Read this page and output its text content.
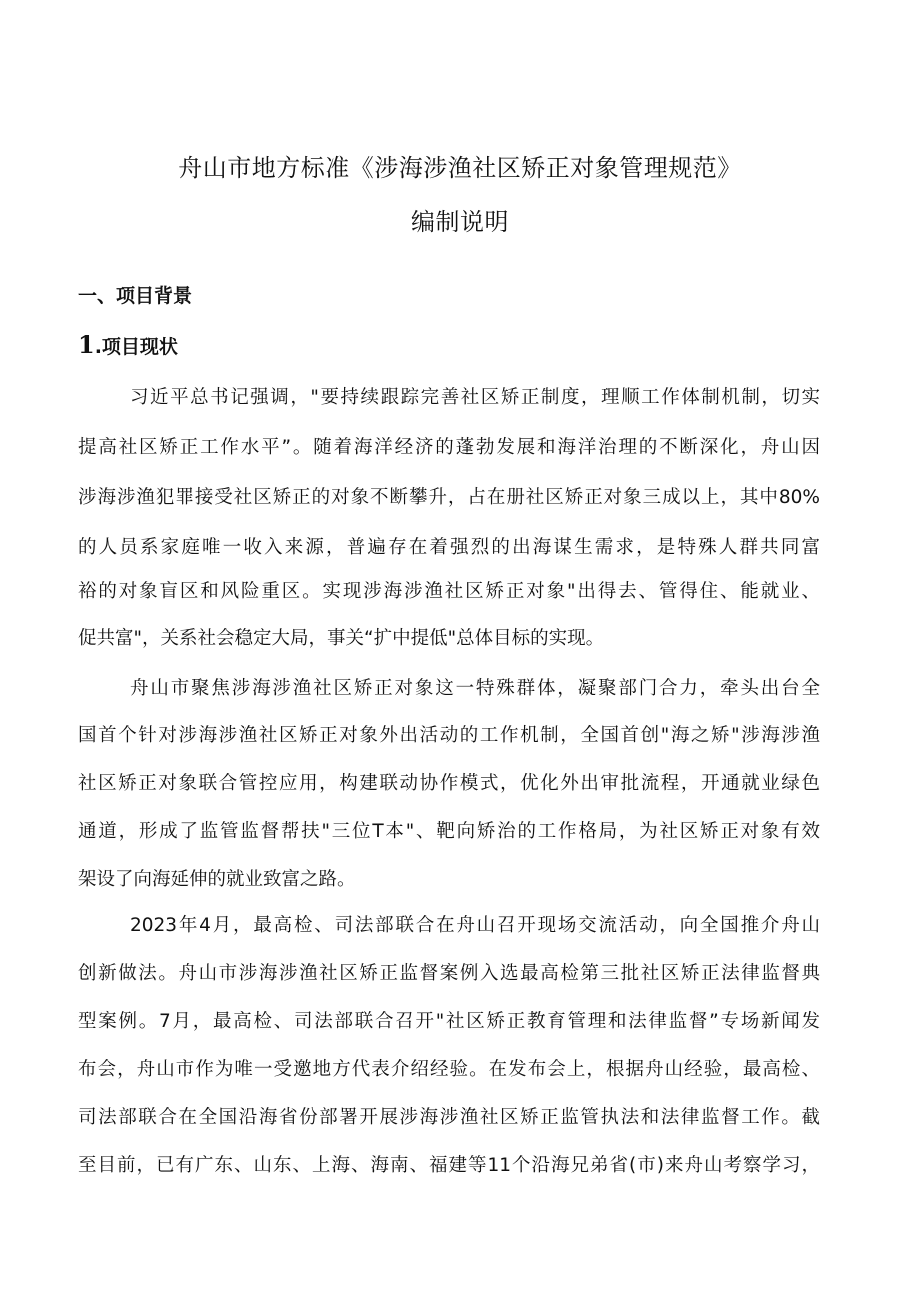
舟山市地方标准《涉海涉渔社区矫正对象管理规范》
编制说明
一、项目背景
1.项目现状
习近平总书记强调，"要持续跟踪完善社区矫正制度，理顺工作体制机制，切实
提高社区矫正工作水平”。随着海洋经济的蓬勃发展和海洋治理的不断深化，舟山因
涉海涉渔犯罪接受社区矫正的对象不断攀升，占在册社区矫正对象三成以上，其中80%
的人员系家庭唯一收入来源，普遍存在着强烈的出海谋生需求，是特殊人群共同富
裕的对象盲区和风险重区。实现涉海涉渔社区矫正对象"出得去、管得住、能就业、
促共富"，关系社会稳定大局，事关“扩中提低"总体目标的实现。
舟山市聚焦涉海涉渔社区矫正对象这一特殊群体，凝聚部门合力，牵头出台全
国首个针对涉海涉渔社区矫正对象外出活动的工作机制，全国首创"海之矫"涉海涉渔
社区矫正对象联合管控应用，构建联动协作模式，优化外出审批流程，开通就业绿色
通道，形成了监管监督帮扶"三位T本"、靶向矫治的工作格局，为社区矫正对象有效
架设了向海延伸的就业致富之路。
2023年4月，最高检、司法部联合在舟山召开现场交流活动，向全国推介舟山
创新做法。舟山市涉海涉渔社区矫正监督案例入选最高检第三批社区矫正法律监督典
型案例。7月，最高检、司法部联合召开"社区矫正教育管理和法律监督”专场新闻发
布会，舟山市作为唯一受邀地方代表介绍经验。在发布会上，根据舟山经验，最高检、
司法部联合在全国沿海省份部署开展涉海涉渔社区矫正监管执法和法律监督工作。截
至目前，已有广东、山东、上海、海南、福建等11个沿海兄弟省(市)来舟山考察学习，
